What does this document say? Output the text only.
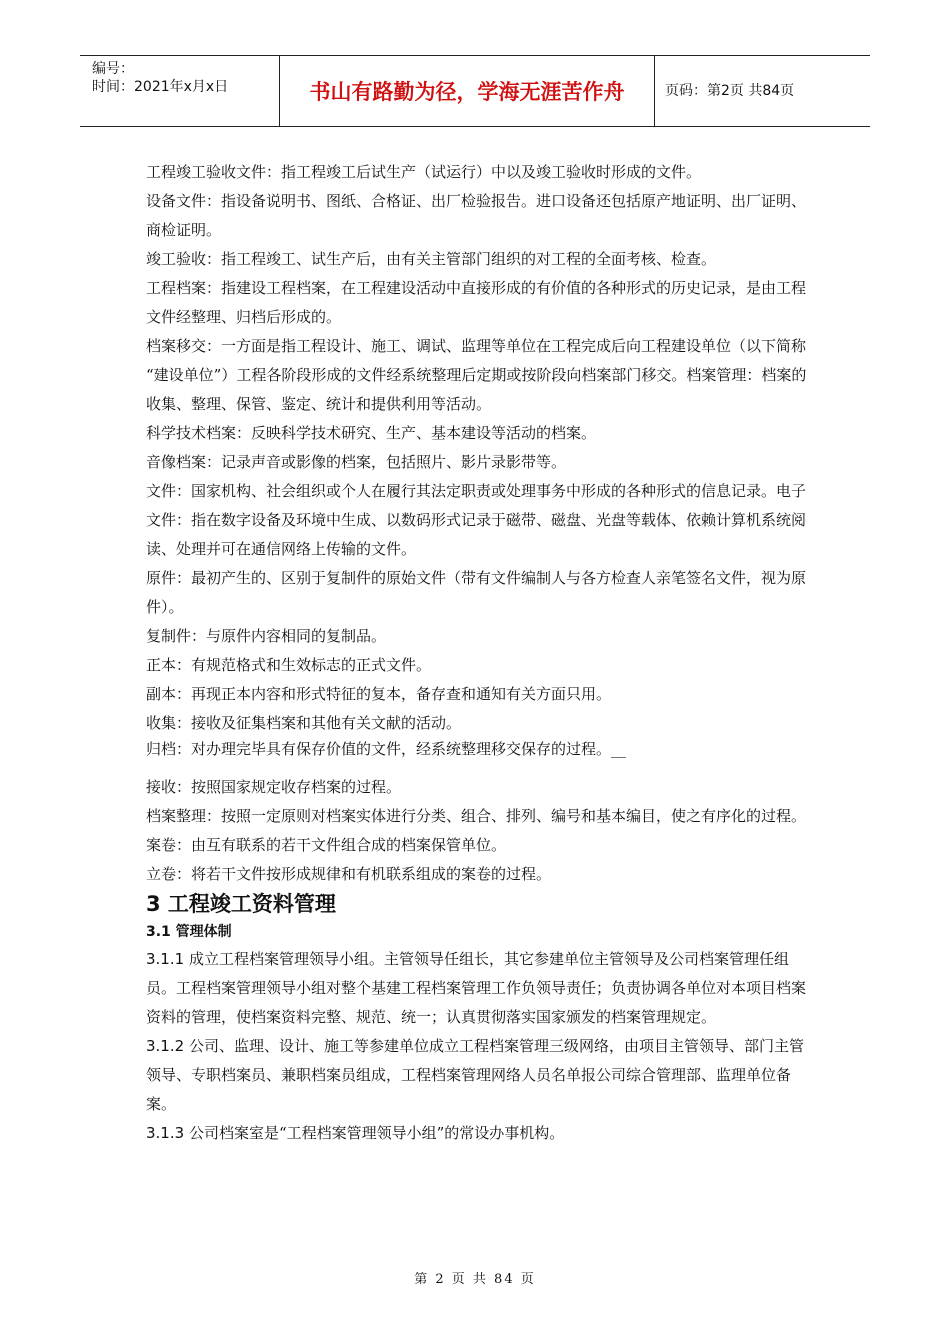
编号：
时间：2021年x月x日	书山有路勤为径，学海无涯苦作舟	页码：第2页 共84页

工程竣工验收文件：指工程竣工后试生产（试运行）中以及竣工验收时形成的文件。

设备文件：指设备说明书、图纸、合格证、出厂检验报告。进口设备还包括原产地证明、出厂证明、商检证明。

竣工验收：指工程竣工、试生产后，由有关主管部门组织的对工程的全面考核、检查。

工程档案：指建设工程档案，在工程建设活动中直接形成的有价值的各种形式的历史记录，是由工程文件经整理、归档后形成的。

档案移交：一方面是指工程设计、施工、调试、监理等单位在工程完成后向工程建设单位（以下简称 “建设单位”）工程各阶段形成的文件经系统整理后定期或按阶段向档案部门移交。档案管理：档案的收集、整理、保管、鉴定、统计和提供利用等活动。

科学技术档案：反映科学技术研究、生产、基本建设等活动的档案。

音像档案：记录声音或影像的档案，包括照片、影片录影带等。

文件：国家机构、社会组织或个人在履行其法定职责或处理事务中形成的各种形式的信息记录。电子文件：指在数字设备及环境中生成、以数码形式记录于磁带、磁盘、光盘等载体、依赖计算机系统阅读、处理并可在通信网络上传输的文件。

原件：最初产生的、区别于复制件的原始文件（带有文件编制人与各方检查人亲笔签名文件，视为原件）。

复制件：与原件内容相同的复制品。

正本：有规范格式和生效标志的正式文件。

副本：再现正本内容和形式特征的复本，备存查和通知有关方面只用。

收集：接收及征集档案和其他有关文献的活动。

归档：对办理完毕具有保存价值的文件，经系统整理移交保存的过程。__

接收：按照国家规定收存档案的过程。

档案整理：按照一定原则对档案实体进行分类、组合、排列、编号和基本编目，使之有序化的过程。

案卷：由互有联系的若干文件组合成的档案保管单位。

立卷：将若干文件按形成规律和有机联系组成的案卷的过程。

3 工程竣工资料管理
3.1 管理体制

3.1.1 成立工程档案管理领导小组。主管领导任组长，其它参建单位主管领导及公司档案管理任组员。工程档案管理领导小组对整个基建工程档案管理工作负领导责任；负责协调各单位对本项目档案资料的管理，使档案资料完整、规范、统一；认真贯彻落实国家颁发的档案管理规定。

3.1.2 公司、监理、设计、施工等参建单位成立工程档案管理三级网络，由项目主管领导、部门主管领导、专职档案员、兼职档案员组成，工程档案管理网络人员名单报公司综合管理部、监理单位备案。

3.1.3 公司档案室是“工程档案管理领导小组”的常设办事机构。

第 2 页 共 84 页
